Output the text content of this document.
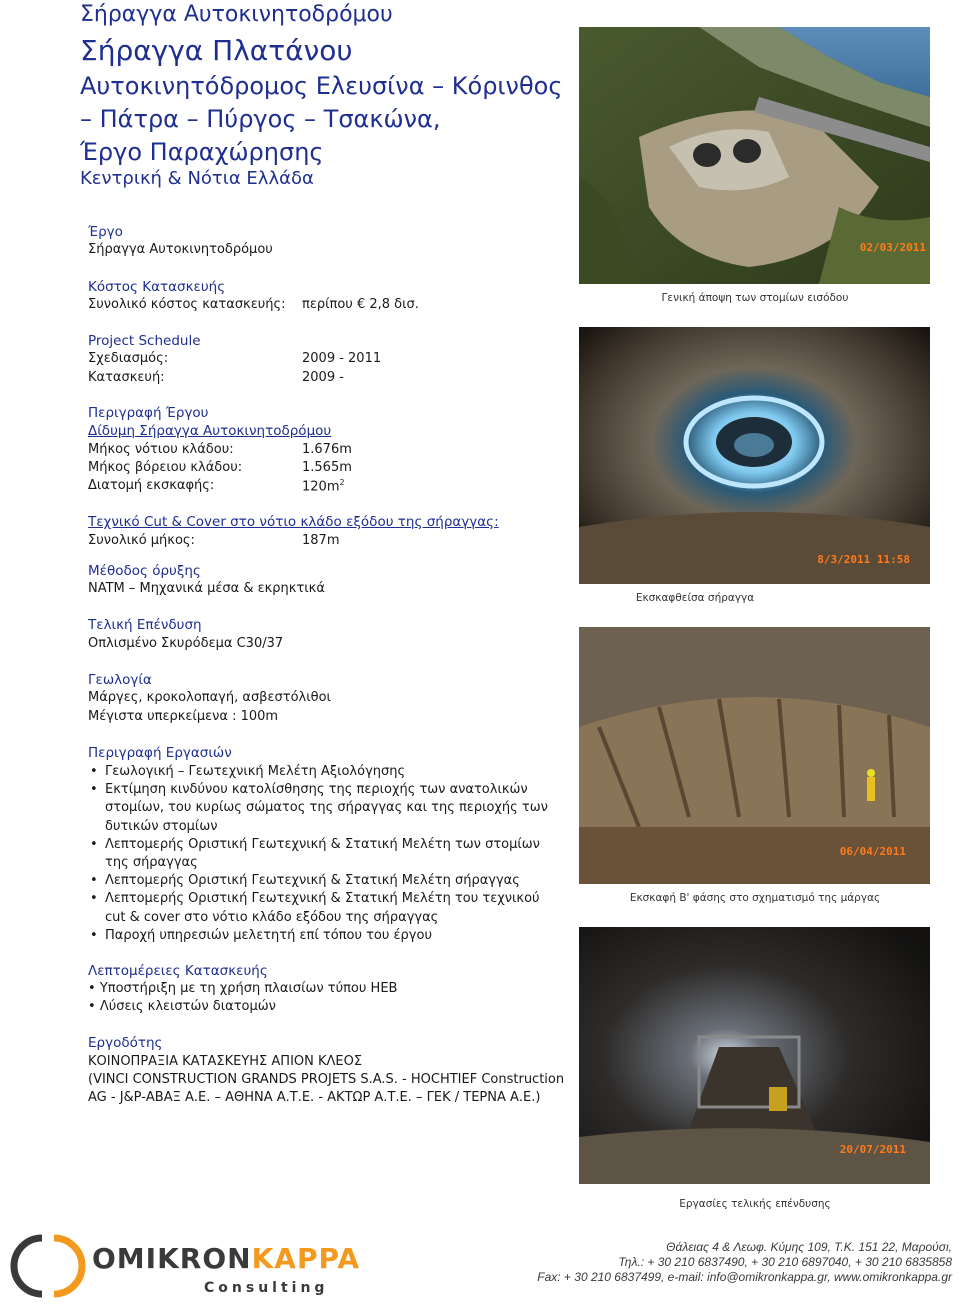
Σήραγγα Αυτοκινητοδρόμου
Σήραγγα Πλατάνου
Αυτοκινητόδρομος Ελευσίνα – Κόρινθος
– Πάτρα – Πύργος – Τσακώνα,
Έργο Παραχώρησης
Κεντρική & Νότια Ελλάδα
Έργο
Σήραγγα Αυτοκινητοδρόμου
Κόστος Κατασκευής
Συνολικό κόστος κατασκευής: περίπου € 2,8 δισ.
Project Schedule
Σχεδιασμός:	2009 - 2011
Κατασκευή:	2009 -
Περιγραφή Έργου
Δίδυμη Σήραγγα Αυτοκινητοδρόμου
Μήκος νότιου κλάδου:	1.676m
Μήκος βόρειου κλάδου:	1.565m
Διατομή εκσκαφής:	$120m^2$
Τεχνικό Cut & Cover στο νότιο κλάδο εξόδου της σήραγγας:
Συνολικό μήκος:	187m
Μέθοδος όρυξης
NATM – Μηχανικά μέσα & εκρηκτικά
Τελική Επένδυση
Οπλισμένο Σκυρόδεμα C30/37
Γεωλογία
Μάργες, κροκολοπαγή, ασβεστόλιθοι
Μέγιστα υπερκείμενα : 100m
Περιγραφή Εργασιών
• Γεωλογική – Γεωτεχνική Μελέτη Αξιολόγησης
• Εκτίμηση κινδύνου κατολίσθησης της περιοχής των ανατολικών
στομίων, του κυρίως σώματος της σήραγγας και της περιοχής των
δυτικών στομίων
• Λεπτομερής Οριστική Γεωτεχνική & Στατική Μελέτη των στομίων
της σήραγγας
• Λεπτομερής Οριστική Γεωτεχνική & Στατική Μελέτη σήραγγας
• Λεπτομερής Οριστική Γεωτεχνική & Στατική Μελέτη του τεχνικού
cut & cover στο νότιο κλάδο εξόδου της σήραγγας
• Παροχή υπηρεσιών μελετητή επί τόπου του έργου
Λεπτομέρειες Κατασκευής
• Υποστήριξη με τη χρήση πλαισίων τύπου HEB
• Λύσεις κλειστών διατομών
Εργοδότης
ΚΟΙΝΟΠΡΑΞΙΑ ΚΑΤΑΣΚΕΥΗΣ ΑΠΙΟΝ ΚΛΕΟΣ
(VINCI CONSTRUCTION GRANDS PROJETS S.A.S. - HOCHTIEF Construction
AG - J&P-ΑΒΑΞ Α.Ε. – ΑΘΗΝΑ Α.Τ.Ε. - ΑΚΤΩΡ Α.Τ.Ε. – ΓΕΚ / ΤΕΡΝΑ Α.Ε.)
02/03/2011
Γενική άποψη των στομίων εισόδου
8/3/2011 11:58
Εκσκαφθείσα σήραγγα
06/04/2011
Εκσκαφή Β' φάσης στο σχηματισμό της μάργας
20/07/2011
Εργασίες τελικής επένδυσης
OMIKRONKAPPA
Consulting
Θάλειας 4 & Λεωφ. Κύμης 109, Τ.Κ. 151 22, Μαρούσι,
Τηλ.: + 30 210 6837490, + 30 210 6897040, + 30 210 6835858
Fax: + 30 210 6837499, e-mail: info@omikronkappa.gr, www.omikronkappa.gr
